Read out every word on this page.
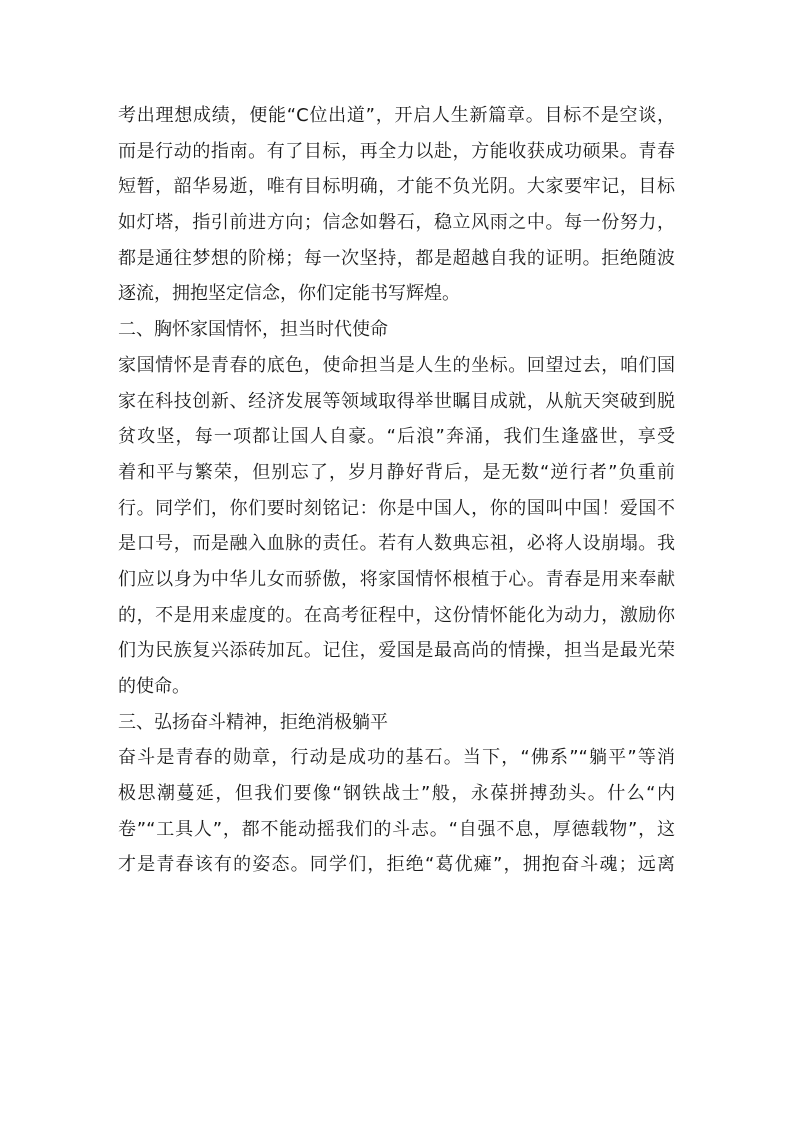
考出理想成绩，便能“C位出道”，开启人生新篇章。目标不是空谈，
而是行动的指南。有了目标，再全力以赴，方能收获成功硕果。青春
短暂，韶华易逝，唯有目标明确，才能不负光阴。大家要牢记，目标
如灯塔，指引前进方向；信念如磐石，稳立风雨之中。每一份努力，
都是通往梦想的阶梯；每一次坚持，都是超越自我的证明。拒绝随波
逐流，拥抱坚定信念，你们定能书写辉煌。
二、胸怀家国情怀，担当时代使命
家国情怀是青春的底色，使命担当是人生的坐标。回望过去，咱们国
家在科技创新、经济发展等领域取得举世瞩目成就，从航天突破到脱
贫攻坚，每一项都让国人自豪。“后浪”奔涌，我们生逢盛世，享受
着和平与繁荣，但别忘了，岁月静好背后，是无数“逆行者”负重前
行。同学们，你们要时刻铭记：你是中国人，你的国叫中国！爱国不
是口号，而是融入血脉的责任。若有人数典忘祖，必将人设崩塌。我
们应以身为中华儿女而骄傲，将家国情怀根植于心。青春是用来奉献
的，不是用来虚度的。在高考征程中，这份情怀能化为动力，激励你
们为民族复兴添砖加瓦。记住，爱国是最高尚的情操，担当是最光荣
的使命。
三、弘扬奋斗精神，拒绝消极躺平
奋斗是青春的勋章，行动是成功的基石。当下，“佛系”“躺平”等消
极思潮蔓延，但我们要像“钢铁战士”般，永葆拼搏劲头。什么“内
卷”“工具人”，都不能动摇我们的斗志。“自强不息，厚德载物”，这
才是青春该有的姿态。同学们，拒绝“葛优瘫”，拥抱奋斗魂；远离
